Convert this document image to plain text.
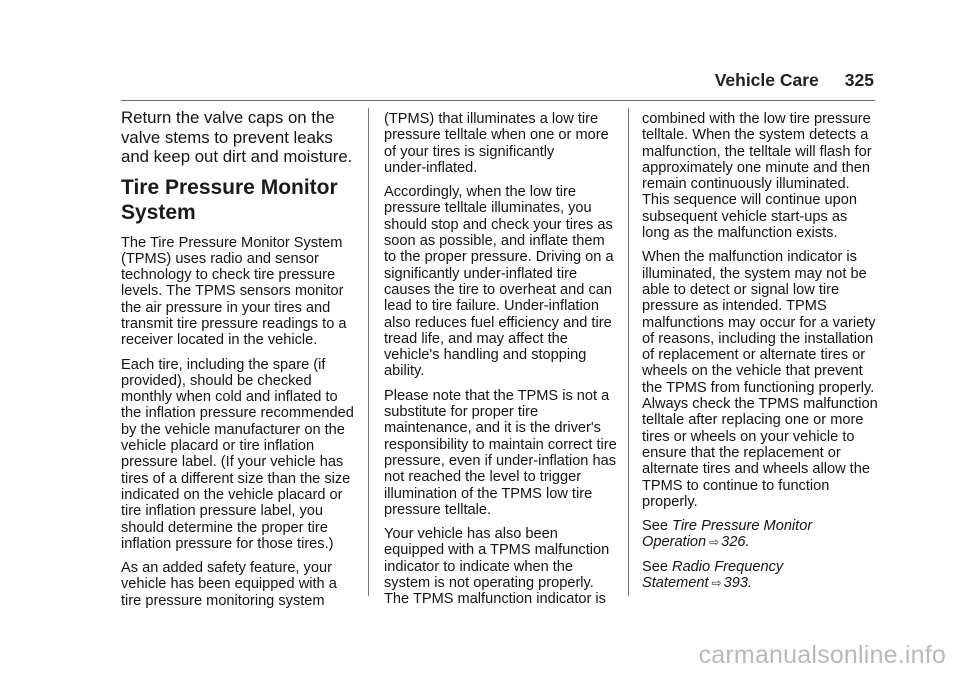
Vehicle Care 325

Return the valve caps on the
valve stems to prevent leaks
and keep out dirt and moisture.

Tire Pressure Monitor
System

The Tire Pressure Monitor System
(TPMS) uses radio and sensor
technology to check tire pressure
levels. The TPMS sensors monitor
the air pressure in your tires and
transmit tire pressure readings to a
receiver located in the vehicle.

Each tire, including the spare (if
provided), should be checked
monthly when cold and inflated to
the inflation pressure recommended
by the vehicle manufacturer on the
vehicle placard or tire inflation
pressure label. (If your vehicle has
tires of a different size than the size
indicated on the vehicle placard or
tire inflation pressure label, you
should determine the proper tire
inflation pressure for those tires.)

As an added safety feature, your
vehicle has been equipped with a
tire pressure monitoring system

(TPMS) that illuminates a low tire
pressure telltale when one or more
of your tires is significantly
under-inflated.

Accordingly, when the low tire
pressure telltale illuminates, you
should stop and check your tires as
soon as possible, and inflate them
to the proper pressure. Driving on a
significantly under-inflated tire
causes the tire to overheat and can
lead to tire failure. Under-inflation
also reduces fuel efficiency and tire
tread life, and may affect the
vehicle's handling and stopping
ability.

Please note that the TPMS is not a
substitute for proper tire
maintenance, and it is the driver's
responsibility to maintain correct tire
pressure, even if under-inflation has
not reached the level to trigger
illumination of the TPMS low tire
pressure telltale.

Your vehicle has also been
equipped with a TPMS malfunction
indicator to indicate when the
system is not operating properly.
The TPMS malfunction indicator is

combined with the low tire pressure
telltale. When the system detects a
malfunction, the telltale will flash for
approximately one minute and then
remain continuously illuminated.
This sequence will continue upon
subsequent vehicle start-ups as
long as the malfunction exists.

When the malfunction indicator is
illuminated, the system may not be
able to detect or signal low tire
pressure as intended. TPMS
malfunctions may occur for a variety
of reasons, including the installation
of replacement or alternate tires or
wheels on the vehicle that prevent
the TPMS from functioning properly.
Always check the TPMS malfunction
telltale after replacing one or more
tires or wheels on your vehicle to
ensure that the replacement or
alternate tires and wheels allow the
TPMS to continue to function
properly.

See Tire Pressure Monitor
Operation ⇨ 326.

See Radio Frequency
Statement ⇨ 393.

carmanualsonline.info
